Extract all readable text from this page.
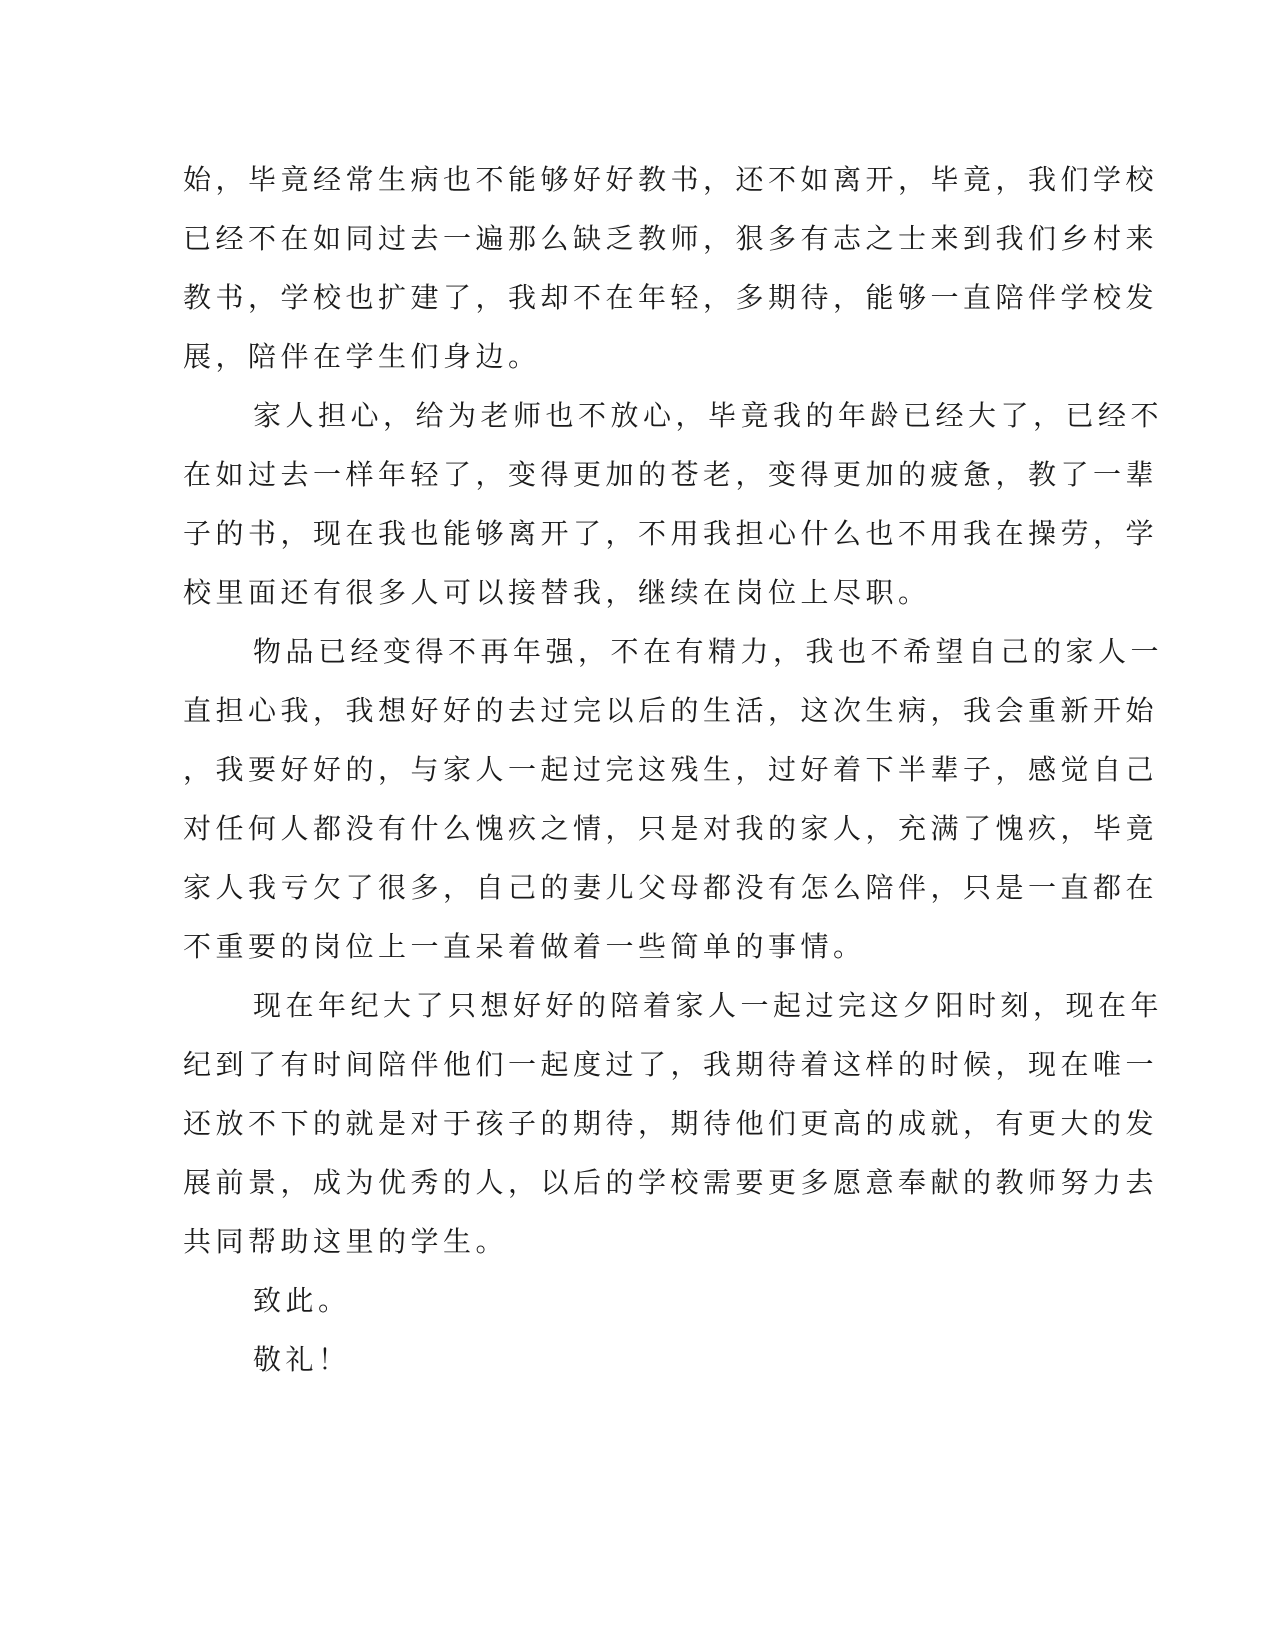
始，毕竟经常生病也不能够好好教书，还不如离开，毕竟，我们学校
已经不在如同过去一遍那么缺乏教师，狠多有志之士来到我们乡村来
教书，学校也扩建了，我却不在年轻，多期待，能够一直陪伴学校发
展，陪伴在学生们身边。
家人担心，给为老师也不放心，毕竟我的年龄已经大了，已经不
在如过去一样年轻了，变得更加的苍老，变得更加的疲惫，教了一辈
子的书，现在我也能够离开了，不用我担心什么也不用我在操劳，学
校里面还有很多人可以接替我，继续在岗位上尽职。
物品已经变得不再年强，不在有精力，我也不希望自己的家人一
直担心我，我想好好的去过完以后的生活，这次生病，我会重新开始
，我要好好的，与家人一起过完这残生，过好着下半辈子，感觉自己
对任何人都没有什么愧疚之情，只是对我的家人，充满了愧疚，毕竟
家人我亏欠了很多，自己的妻儿父母都没有怎么陪伴，只是一直都在
不重要的岗位上一直呆着做着一些简单的事情。
现在年纪大了只想好好的陪着家人一起过完这夕阳时刻，现在年
纪到了有时间陪伴他们一起度过了，我期待着这样的时候，现在唯一
还放不下的就是对于孩子的期待，期待他们更高的成就，有更大的发
展前景，成为优秀的人，以后的学校需要更多愿意奉献的教师努力去
共同帮助这里的学生。
致此。
敬礼！
